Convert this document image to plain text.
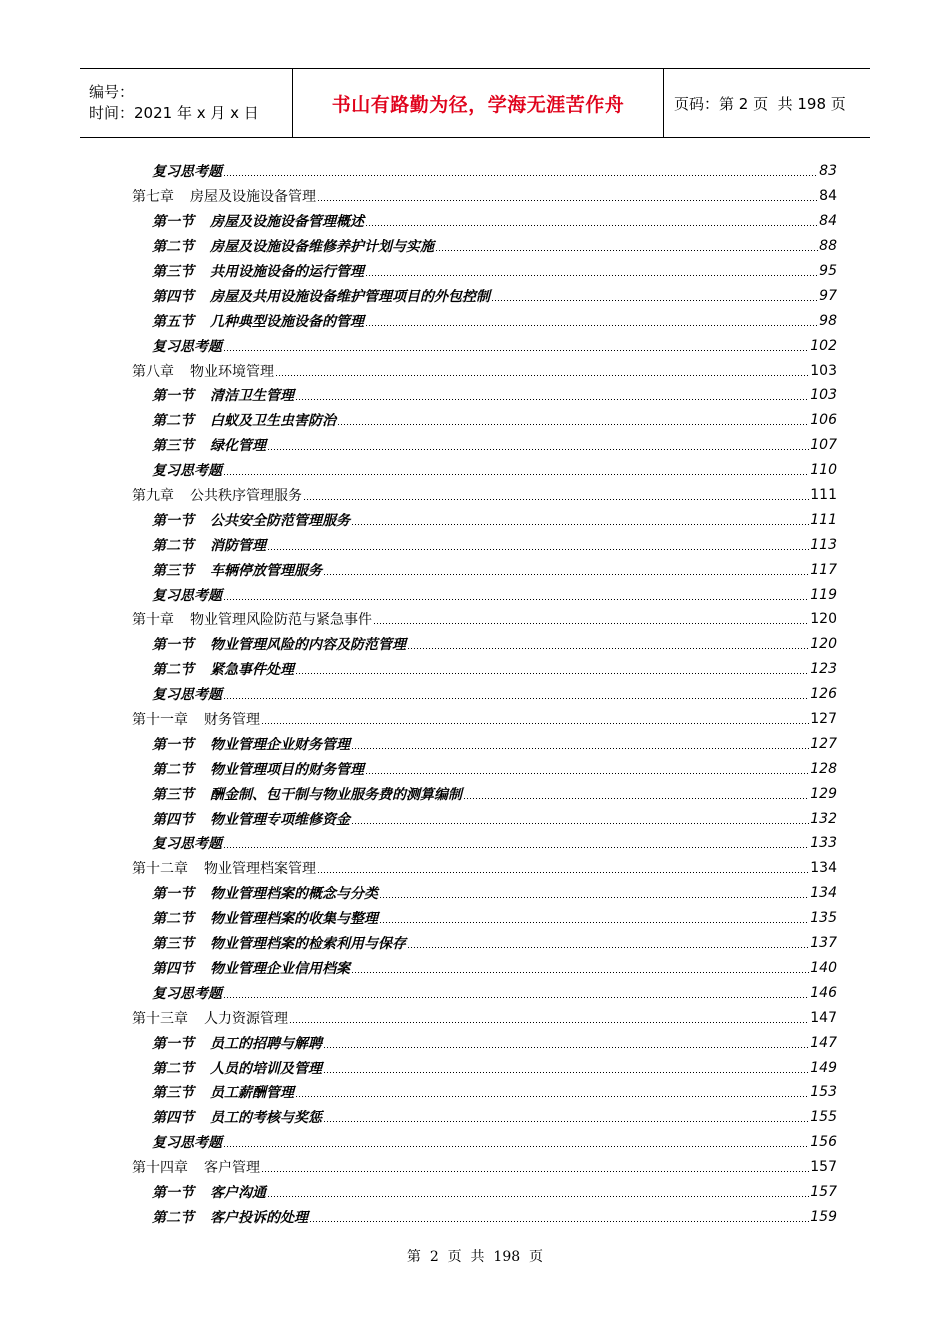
编号：
时间：2021 年 x 月 x 日	书山有路勤为径，学海无涯苦作舟	页码：第 2 页  共 198 页
复习思考题	83
第七章 房屋及设施设备管理	84
第一节 房屋及设施设备管理概述	84
第二节 房屋及设施设备维修养护计划与实施	88
第三节 共用设施设备的运行管理	95
第四节 房屋及共用设施设备维护管理项目的外包控制	97
第五节 几种典型设施设备的管理	98
复习思考题	102
第八章 物业环境管理	103
第一节 清洁卫生管理	103
第二节 白蚁及卫生虫害防治	106
第三节 绿化管理	107
复习思考题	110
第九章 公共秩序管理服务	111
第一节 公共安全防范管理服务	111
第二节 消防管理	113
第三节 车辆停放管理服务	117
复习思考题	119
第十章 物业管理风险防范与紧急事件	120
第一节 物业管理风险的内容及防范管理	120
第二节 紧急事件处理	123
复习思考题	126
第十一章 财务管理	127
第一节 物业管理企业财务管理	127
第二节 物业管理项目的财务管理	128
第三节 酬金制、包干制与物业服务费的测算编制	129
第四节 物业管理专项维修资金	132
复习思考题	133
第十二章 物业管理档案管理	134
第一节 物业管理档案的概念与分类	134
第二节 物业管理档案的收集与整理	135
第三节 物业管理档案的检索利用与保存	137
第四节 物业管理企业信用档案	140
复习思考题	146
第十三章 人力资源管理	147
第一节 员工的招聘与解聘	147
第二节 人员的培训及管理	149
第三节 员工薪酬管理	153
第四节 员工的考核与奖惩	155
复习思考题	156
第十四章 客户管理	157
第一节 客户沟通	157
第二节 客户投诉的处理	159
第  2  页  共  198  页
